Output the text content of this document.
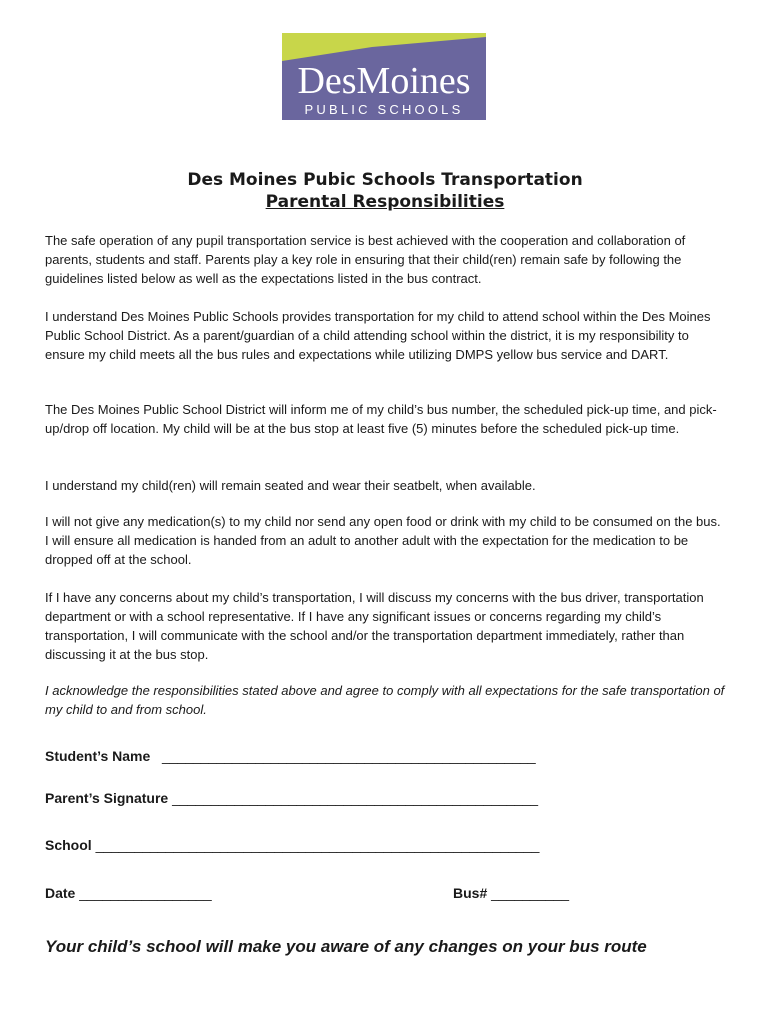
DesMoines
PUBLIC SCHOOLS
Des Moines Pubic Schools Transportation
Parental Responsibilities

The safe operation of any pupil transportation service is best achieved with the cooperation and collaboration of parents, students and staff. Parents play a key role in ensuring that their child(ren) remain safe by following the guidelines listed below as well as the expectations listed in the bus contract.

I understand Des Moines Public Schools provides transportation for my child to attend school within the Des Moines Public School District. As a parent/guardian of a child attending school within the district, it is my responsibility to ensure my child meets all the bus rules and expectations while utilizing DMPS yellow bus service and DART.

The Des Moines Public School District will inform me of my child’s bus number, the scheduled pick-up time, and pick-up/drop off location. My child will be at the bus stop at least five (5) minutes before the scheduled pick-up time.

I understand my child(ren) will remain seated and wear their seatbelt, when available.

I will not give any medication(s) to my child nor send any open food or drink with my child to be consumed on the bus. I will ensure all medication is handed from an adult to another adult with the expectation for the medication to be dropped off at the school.

If I have any concerns about my child’s transportation, I will discuss my concerns with the bus driver, transportation department or with a school representative. If I have any significant issues or concerns regarding my child’s transportation, I will communicate with the school and/or the transportation department immediately, rather than discussing it at the bus stop.

I acknowledge the responsibilities stated above and agree to comply with all expectations for the safe transportation of my child to and from school.

Student’s Name ________________________________________________
Parent’s Signature _______________________________________________
School _________________________________________________________
Date _________________	Bus# __________
Your child’s school will make you aware of any changes on your bus route
